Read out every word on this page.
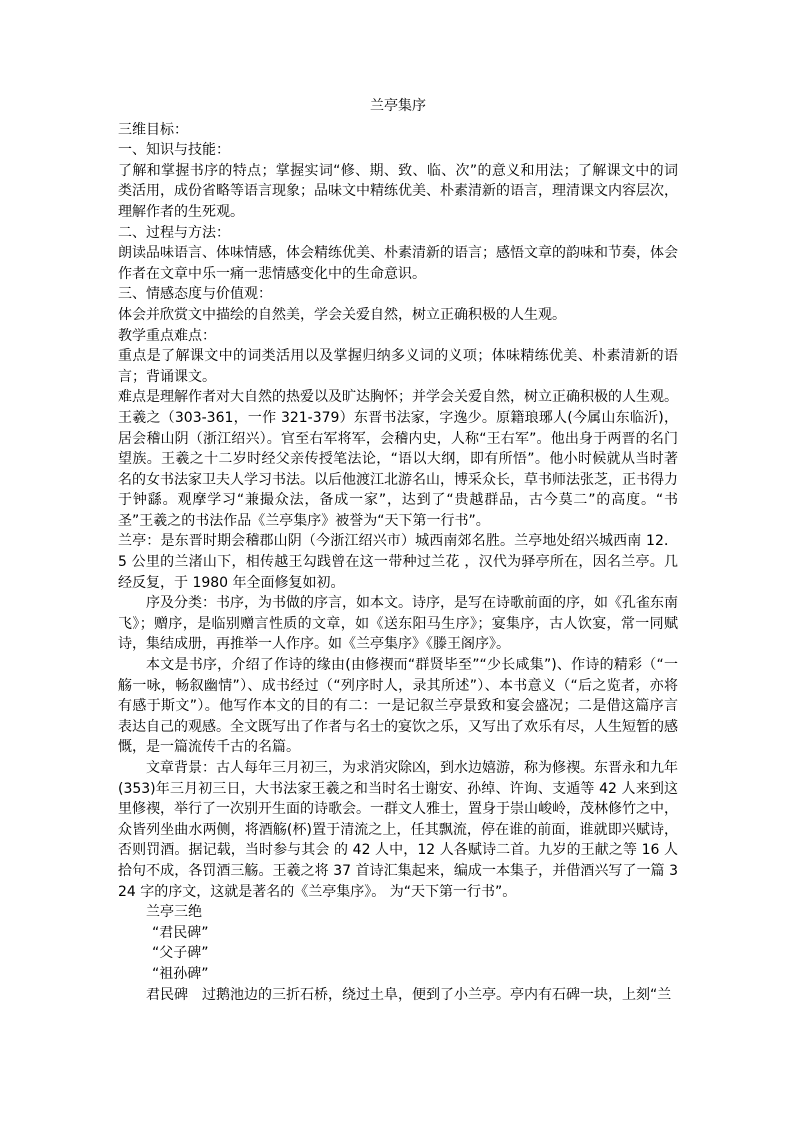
兰亭集序

三维目标：

一、知识与技能：

了解和掌握书序的特点；掌握实词“修、期、致、临、次”的意义和用法；了解课文中的词类活用，成份省略等语言现象；品味文中精练优美、朴素清新的语言，理清课文内容层次，理解作者的生死观。

二、过程与方法：

朗读品味语言、体味情感，体会精练优美、朴素清新的语言；感悟文章的韵味和节奏，体会作者在文章中乐一痛一悲情感变化中的生命意识。

三、情感态度与价值观：

体会并欣赏文中描绘的自然美，学会关爱自然，树立正确积极的人生观。

教学重点难点：

重点是了解课文中的词类活用以及掌握归纳多义词的义项；体味精练优美、朴素清新的语言；背诵课文。

难点是理解作者对大自然的热爱以及旷达胸怀；并学会关爱自然，树立正确积极的人生观。

王羲之（303-361，一作 321-379）东晋书法家，字逸少。原籍琅琊人(今属山东临沂)，居会稽山阴（浙江绍兴）。官至右军将军，会稽内史，人称“王右军”。他出身于两晋的名门望族。王羲之十二岁时经父亲传授笔法论，“语以大纲，即有所悟”。他小时候就从当时著名的女书法家卫夫人学习书法。以后他渡江北游名山，博采众长，草书师法张芝，正书得力于钟繇。观摩学习“兼撮众法，备成一家”，达到了“贵越群品，古今莫二”的高度。“书圣”王羲之的书法作品《兰亭集序》被誉为“天下第一行书”。

兰亭：是东晋时期会稽郡山阴（今浙江绍兴市）城西南郊名胜。兰亭地处绍兴城西南 12．5 公里的兰渚山下，相传越王勾践曾在这一带种过兰花 ，汉代为驿亭所在，因名兰亭。几经反复，于 1980 年全面修复如初。

序及分类：书序，为书做的序言，如本文。诗序，是写在诗歌前面的序，如《孔雀东南飞》；赠序，是临别赠言性质的文章，如《送东阳马生序》；宴集序，古人饮宴，常一同赋诗，集结成册，再推举一人作序。如《兰亭集序》《滕王阁序》。

本文是书序，介绍了作诗的缘由(由修禊而“群贤毕至”“少长咸集”)、作诗的精彩（“一觞一咏，畅叙幽情”）、成书经过（“列序时人，录其所述”）、本书意义（“后之览者，亦将有感于斯文”）。他写作本文的目的有二：一是记叙兰亭景致和宴会盛况；二是借这篇序言表达自己的观感。全文既写出了作者与名士的宴饮之乐，又写出了欢乐有尽，人生短暂的感慨，是一篇流传千古的名篇。

文章背景：古人每年三月初三，为求消灾除凶，到水边嬉游，称为修禊。东晋永和九年(353)年三月初三日，大书法家王羲之和当时名士谢安、孙绰、许询、支遁等 42 人来到这里修禊，举行了一次别开生面的诗歌会。一群文人雅士，置身于崇山峻岭，茂林修竹之中，众皆列坐曲水两侧，将酒觞(杯)置于清流之上，任其飘流，停在谁的前面，谁就即兴赋诗，否则罚酒。据记载，当时参与其会 的 42 人中，12 人各赋诗二首。九岁的王献之等 16 人拾句不成，各罚酒三觞。王羲之将 37 首诗汇集起来，编成一本集子，并借酒兴写了一篇 324 字的序文，这就是著名的《兰亭集序》。 为“天下第一行书”。

兰亭三绝

“君民碑”

“父子碑”

“祖孙碑”

君民碑　过鹅池边的三折石桥，绕过土阜，便到了小兰亭。亭内有石碑一块，上刻“兰
